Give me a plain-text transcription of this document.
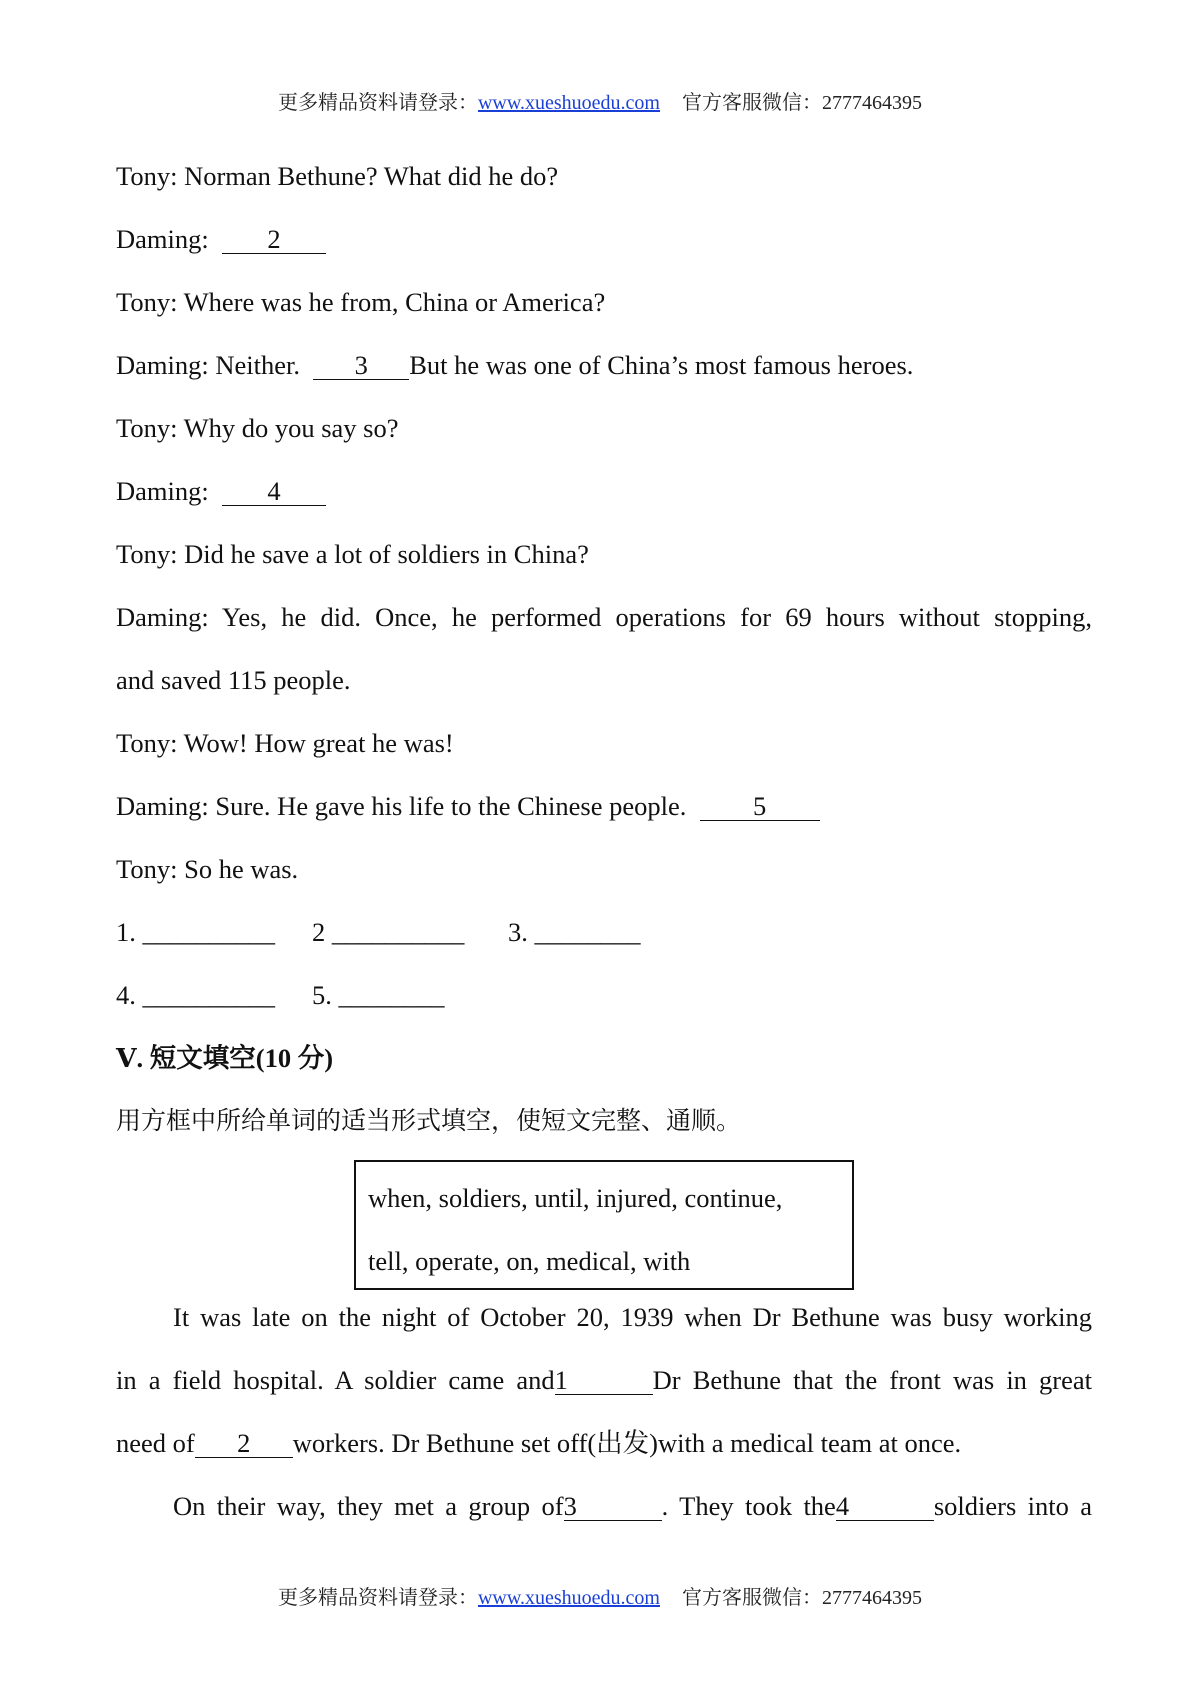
更多精品资料请登录：www.xueshuoedu.com 官方客服微信：2777464395
Tony: Norman Bethune? What did he do?
Daming: 2
Tony: Where was he from, China or America?
Daming: Neither. 3 But he was one of China’s most famous heroes.
Tony: Why do you say so?
Daming: 4
Tony: Did he save a lot of soldiers in China?
Daming: Yes, he did. Once, he performed operations for 69 hours without stopping,
and saved 115 people.
Tony: Wow! How great he was!
Daming: Sure. He gave his life to the Chinese people.	5
Tony: So he was.
1. __________ 2 __________ 3. ________
4. __________ 5. ________
Ⅴ. 短文填空(10 分)
用方框中所给单词的适当形式填空，使短文完整、通顺。
It was late on the night of October 20, 1939 when Dr Bethune was busy working
in a field hospital. A soldier came and1	Dr Bethune that the front was in great
need of 2 workers. Dr Bethune set off(出发)with a medical team at once.
On their way, they met a group of3	. They took the4	soldiers into a
when, soldiers, until, injured, continue,
tell, operate, on, medical, with
更多精品资料请登录：www.xueshuoedu.com 官方客服微信：2777464395
